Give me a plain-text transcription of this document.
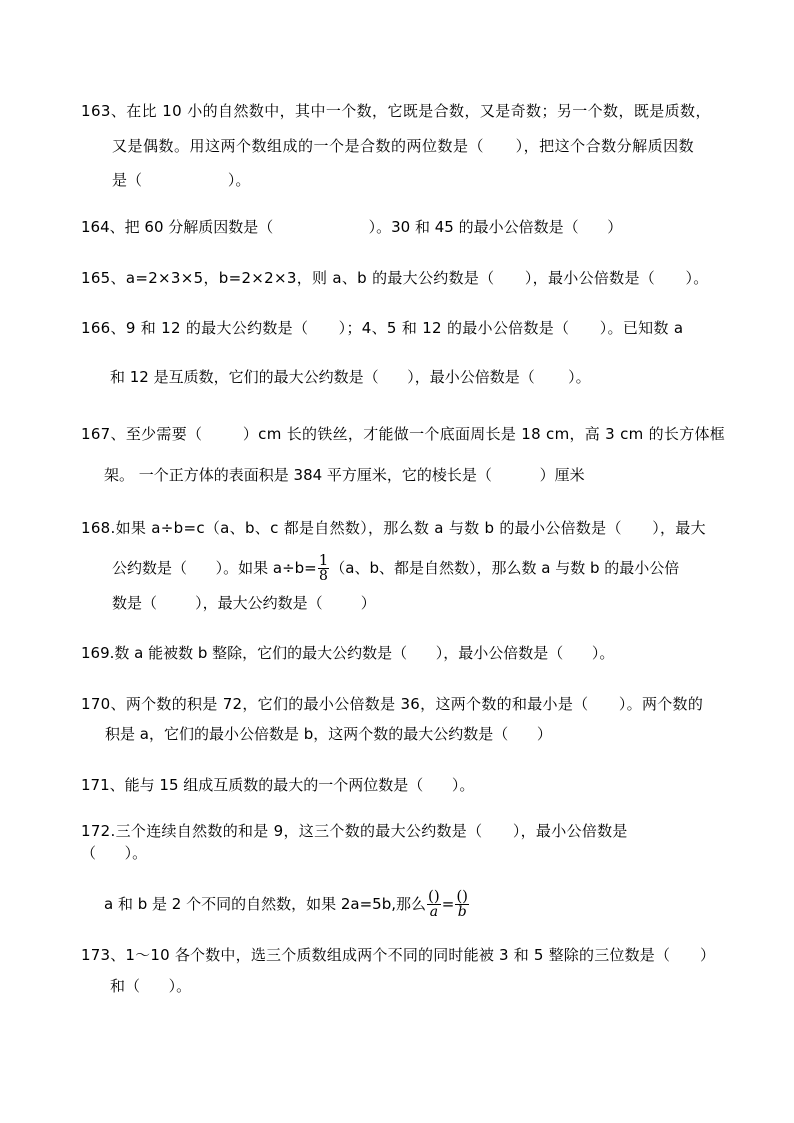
163、在比 10 小的自然数中，其中一个数，它既是合数，又是奇数；另一个数，既是质数，
又是偶数。用这两个数组成的一个是合数的两位数是（      ），把这个合数分解质因数
是（                  ）。
164、把 60 分解质因数是（                    ）。30 和 45 的最小公倍数是（      ）
165、a=2×3×5，b=2×2×3，则 a、b 的最大公约数是（      ），最小公倍数是（      ）。
166、9 和 12 的最大公约数是（      ）；4、5 和 12 的最小公倍数是（      ）。已知数 a
和 12 是互质数，它们的最大公约数是（      ），最小公倍数是（       ）。
167、至少需要（        ）cm 长的铁丝，才能做一个底面周长是 18 cm，高 3 cm 的长方体框
架。 一个正方体的表面积是 384 平方厘米，它的棱长是（          ）厘米
168.如果 a÷b=c（a、b、c 都是自然数），那么数 a 与数 b 的最小公倍数是（      ），最大
公约数是（      ）。如果 $a\div b= \frac{1}{8} (a$、b、都是自然数），那么数 a 与数 b 的最小公倍
数是（        ），最大公约数是（        ）
169.数 a 能被数 b 整除，它们的最大公约数是（      ），最小公倍数是（      ）。
170、两个数的积是 72，它们的最小公倍数是 36，这两个数的和最小是（      ）。两个数的
积是 a，它们的最小公倍数是 b，这两个数的最大公约数是（      ）
171、能与 15 组成互质数的最大的一个两位数是（      ）。
172.三个连续自然数的和是 9，这三个数的最大公约数是（      ），最小公倍数是
（      ）。
a 和 b 是 2 个不同的自然数，如果 2a=5b,那么 $\frac{()}{a} = \frac{()}{b}$
173、1～10 各个数中，选三个质数组成两个不同的同时能被 3 和 5 整除的三位数是（      ）
和（      ）。
